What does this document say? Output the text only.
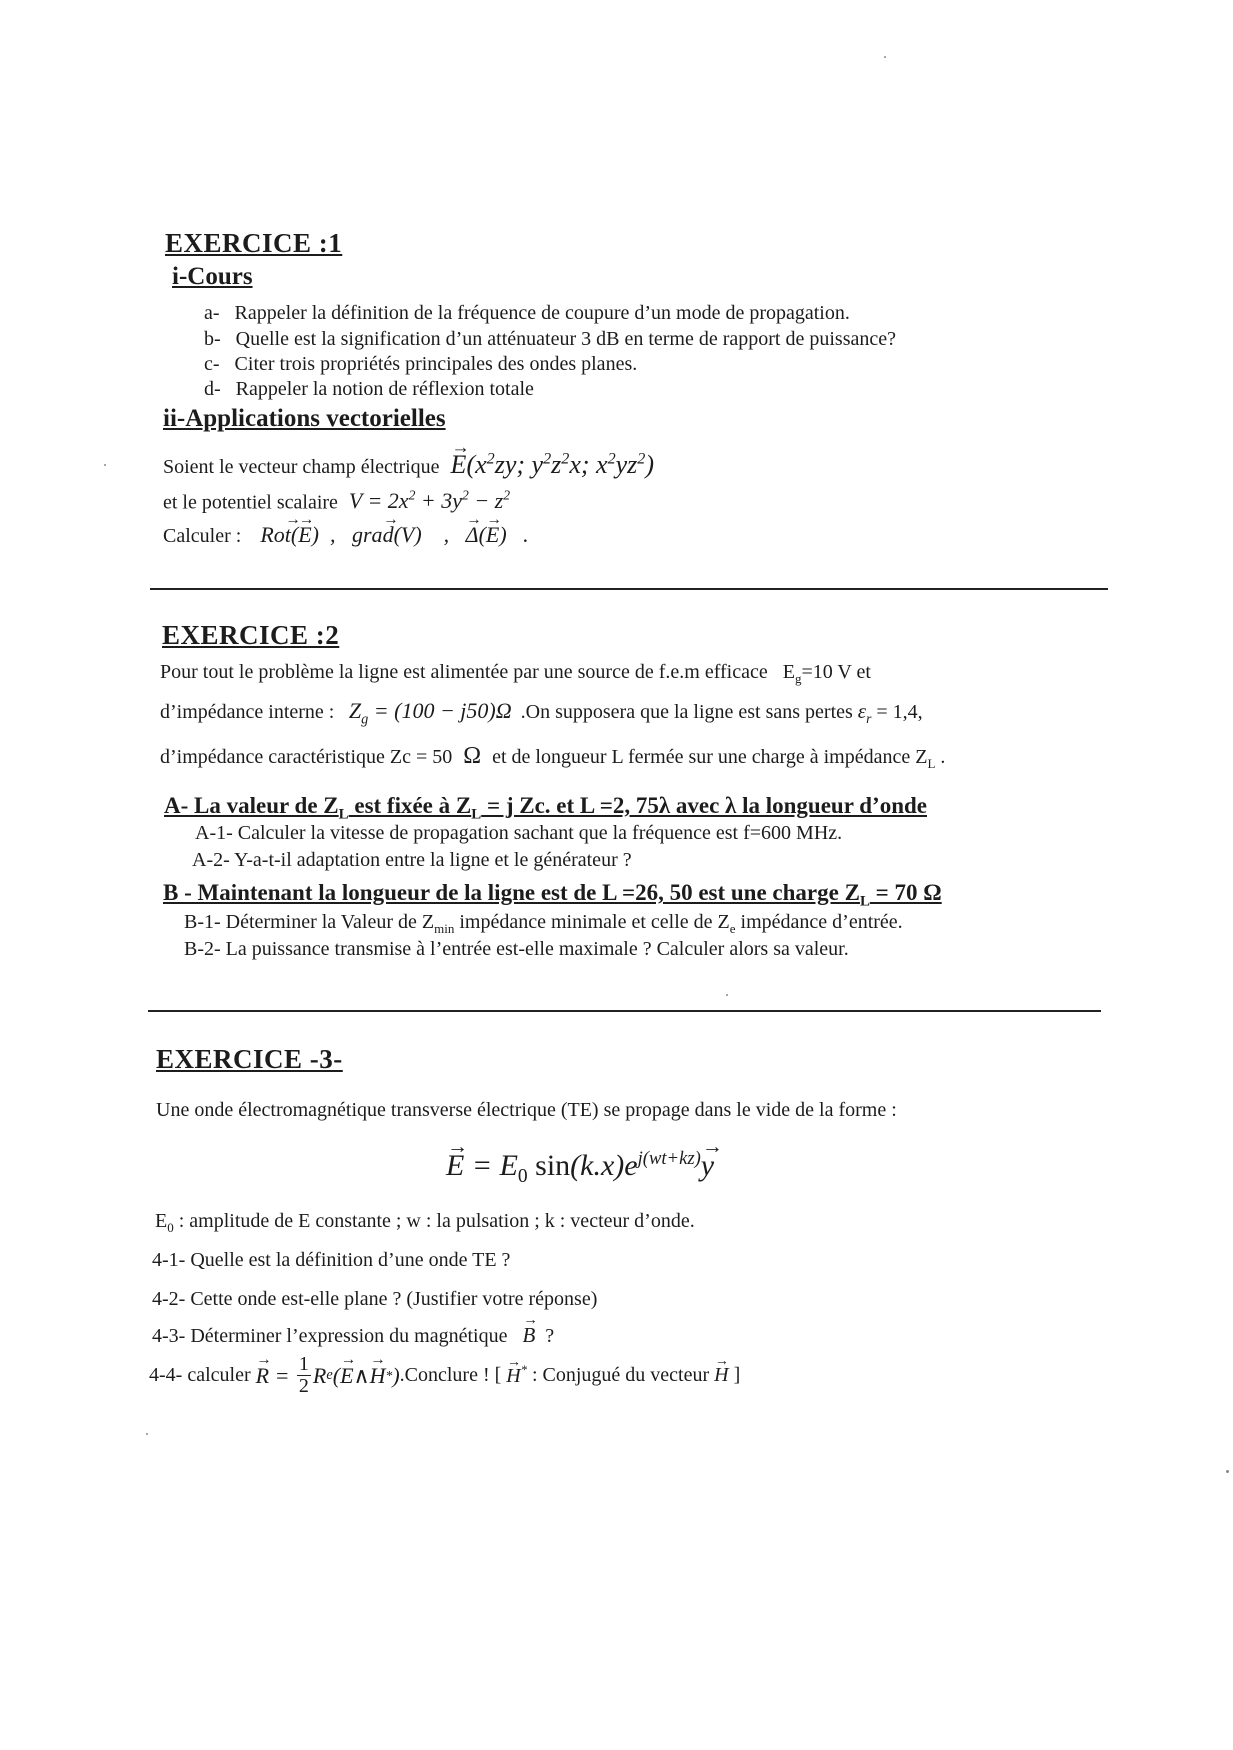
EXERCICE :1
i-Cours
a- Rappeler la définition de la fréquence de coupure d’un mode de propagation.
b- Quelle est la signification d’un atténuateur 3 dB en terme de rapport de puissance?
c- Citer trois propriétés principales des ondes planes.
d- Rappeler la notion de réflexion totale
ii-Applications vectorielles
Soient le vecteur champ électrique → $E(x^2zy$; $y^2z^2x$; $x^2yz^2$)
et le potentiel scalaire $V = 2x^2 + 3y^2 - z^2$
Calculer : Ro→ t(→ E)  ,   gra→ d(V)    ,   → Δ(→ E)   .
EXERCICE :2
Pour tout le problème la ligne est alimentée par une source de f.e.m efficace $E_g=10$ V et
d’impédance interne :  $Z_g = (100 - j50)\Omega$ .On supposera que la ligne est sans pertes $\varepsilon_r = 1,4$,
d’impédance caractéristique Zc = 50  Ω  et de longueur L fermée sur une charge à impédance $Z_L$ .
A- La valeur de $Z_L$ est fixée à $Z_L = j$ Zc. et L =2, 75λ avec λ la longueur d’onde
A-1- Calculer la vitesse de propagation sachant que la fréquence est f=600 MHz.
A-2- Y-a-t-il adaptation entre la ligne et le générateur ?
B - Maintenant la longueur de la ligne est de L =26, 50 est une charge $Z_L = 70$ Ω
B-1- Déterminer la Valeur de $Z_{min}$ impédance minimale et celle de $Z_e$ impédance d’entrée.
B-2- La puissance transmise à l’entrée est-elle maximale ? Calculer alors sa valeur.
EXERCICE -3-
Une onde électromagnétique transverse électrique (TE) se propage dans le vide de la forme :
→ $E = E_0$ $\sin(k.x)e^{j(wt+kz)}\to y$
$E_0$ : amplitude de E constante ; w : la pulsation ; k : vecteur d’onde.
4-1- Quelle est la définition d’une onde TE ?
4-2- Cette onde est-elle plane ? (Justifier votre réponse)
4-3- Déterminer l’expression du magnétique → B ?
4-4- calculer
→ $R = \frac{1}{2}$ R e ( → E ∧ → H * ) .Conclure ! [
→ H*
: Conjugué du vecteur
→ H
]
